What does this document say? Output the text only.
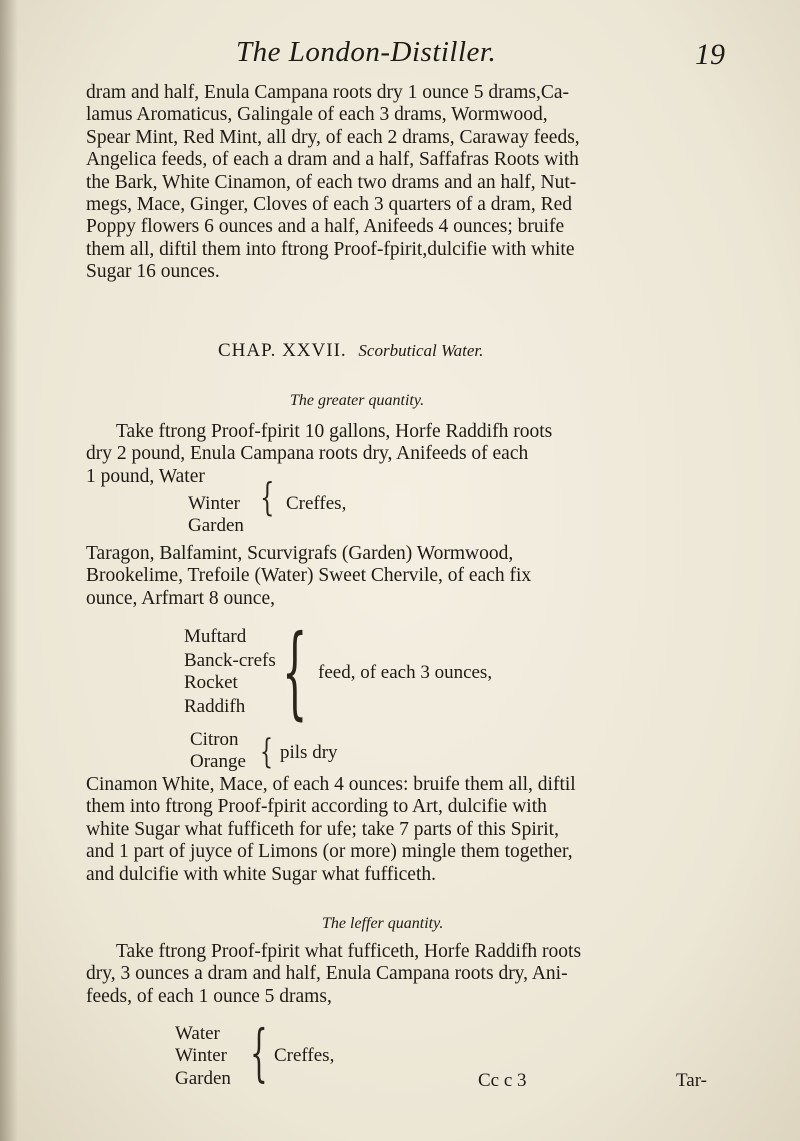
The London-Distiller.	19
dram and half, Enula Campana roots dry 1 ounce 5 drams,Ca-
lamus Aromaticus, Galingale of each 3 drams, Wormwood,
Spear Mint, Red Mint, all dry, of each 2 drams, Caraway feeds,
Angelica feeds, of each a dram and a half, Saffafras Roots with
the Bark, White Cinamon, of each two drams and an half, Nut-
megs, Mace, Ginger, Cloves of each 3 quarters of a dram, Red
Poppy flowers 6 ounces and a half, Anifeeds 4 ounces; bruife
them all, diftil them into ftrong Proof-fpirit,dulcifie with white
Sugar 16 ounces.
CHAP. XXVII. Scorbutical Water.
The greater quantity.
Take ftrong Proof-fpirit 10 gallons, Horfe Raddifh roots
dry 2 pound, Enula Campana roots dry, Anifeeds of each
1 pound, Water
Winter
Garden
{ Creffes,
Taragon, Balfamint, Scurvigrafs (Garden) Wormwood,
Brookelime, Trefoile (Water) Sweet Chervile, of each fix
ounce, Arfmart 8 ounce,
Muftard
Banck-crefs
Rocket
Raddifh { feed, of each 3 ounces,
Citron
Orange { pils dry
Cinamon White, Mace, of each 4 ounces: bruife them all, diftil
them into ftrong Proof-fpirit according to Art, dulcifie with
white Sugar what fufficeth for ufe; take 7 parts of this Spirit,
and 1 part of juyce of Limons (or more) mingle them together,
and dulcifie with white Sugar what fufficeth.
The leffer quantity.
Take ftrong Proof-fpirit what fufficeth, Horfe Raddifh roots
dry, 3 ounces a dram and half, Enula Campana roots dry, Ani-
feeds, of each 1 ounce 5 drams,
Water
Winter
Garden { Creffes,
Cc c 3	Tar-
